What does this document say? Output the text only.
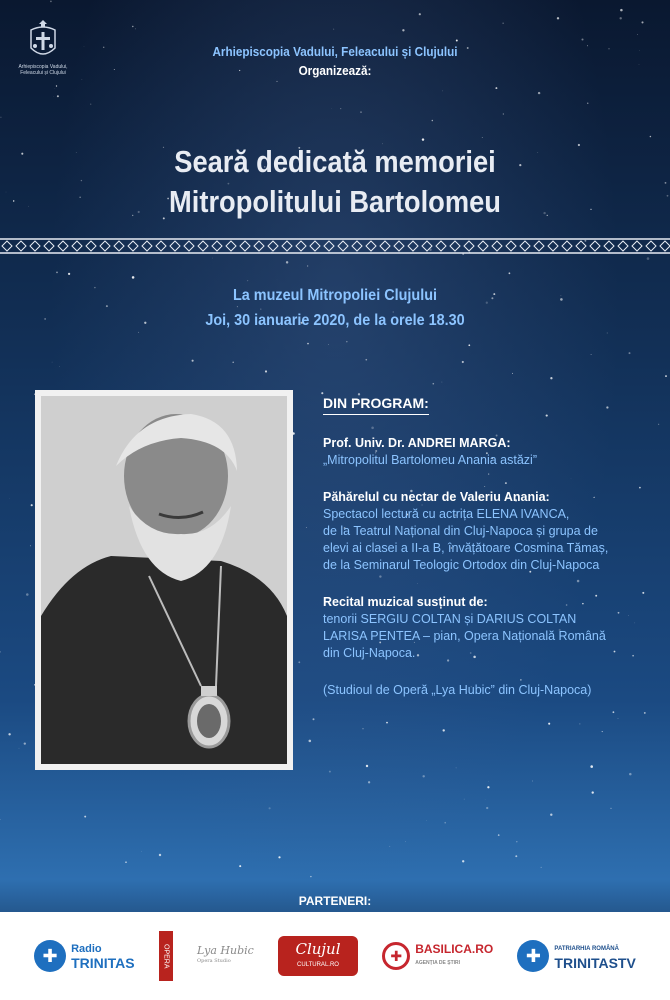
Arhiepiscopia Vadului,
Feleacului și Clujului
Arhiepiscopia Vadului, Feleacului și Clujului
Organizează:
Seară dedicată memoriei
Mitropolitului Bartolomeu
La muzeul Mitropoliei Clujului
Joi, 30 ianuarie 2020, de la orele 18.30
DIN PROGRAM:
Prof. Univ. Dr. ANDREI MARGA:
„Mitropolitul Bartolomeu Anania astăzi”
Păhărelul cu nectar de Valeriu Anania:
Spectacol lectură cu actrița ELENA IVANCA,
de la Teatrul Național din Cluj-Napoca și grupa de
elevi ai clasei a II-a B, învățătoare Cosmina Tămaș,
de la Seminarul Teologic Ortodox din Cluj-Napoca
Recital muzical susținut de:
tenorii SERGIU COLTAN și DARIUS COLTAN
LARISA PENTEA – pian, Opera Națională Română
din Cluj-Napoca.
(Studioul de Operă „Lya Hubic” din Cluj-Napoca)
PARTENERI:
✚	Radio
TRINITAS	OPERA	Lya Hubic
Opera Studio
Clujul
CULTURAL.RO
✚	BASILICA.RO
AGENȚIA DE ȘTIRI	✚	PATRIARHIA ROMÂNĂ
TRINITASTV
